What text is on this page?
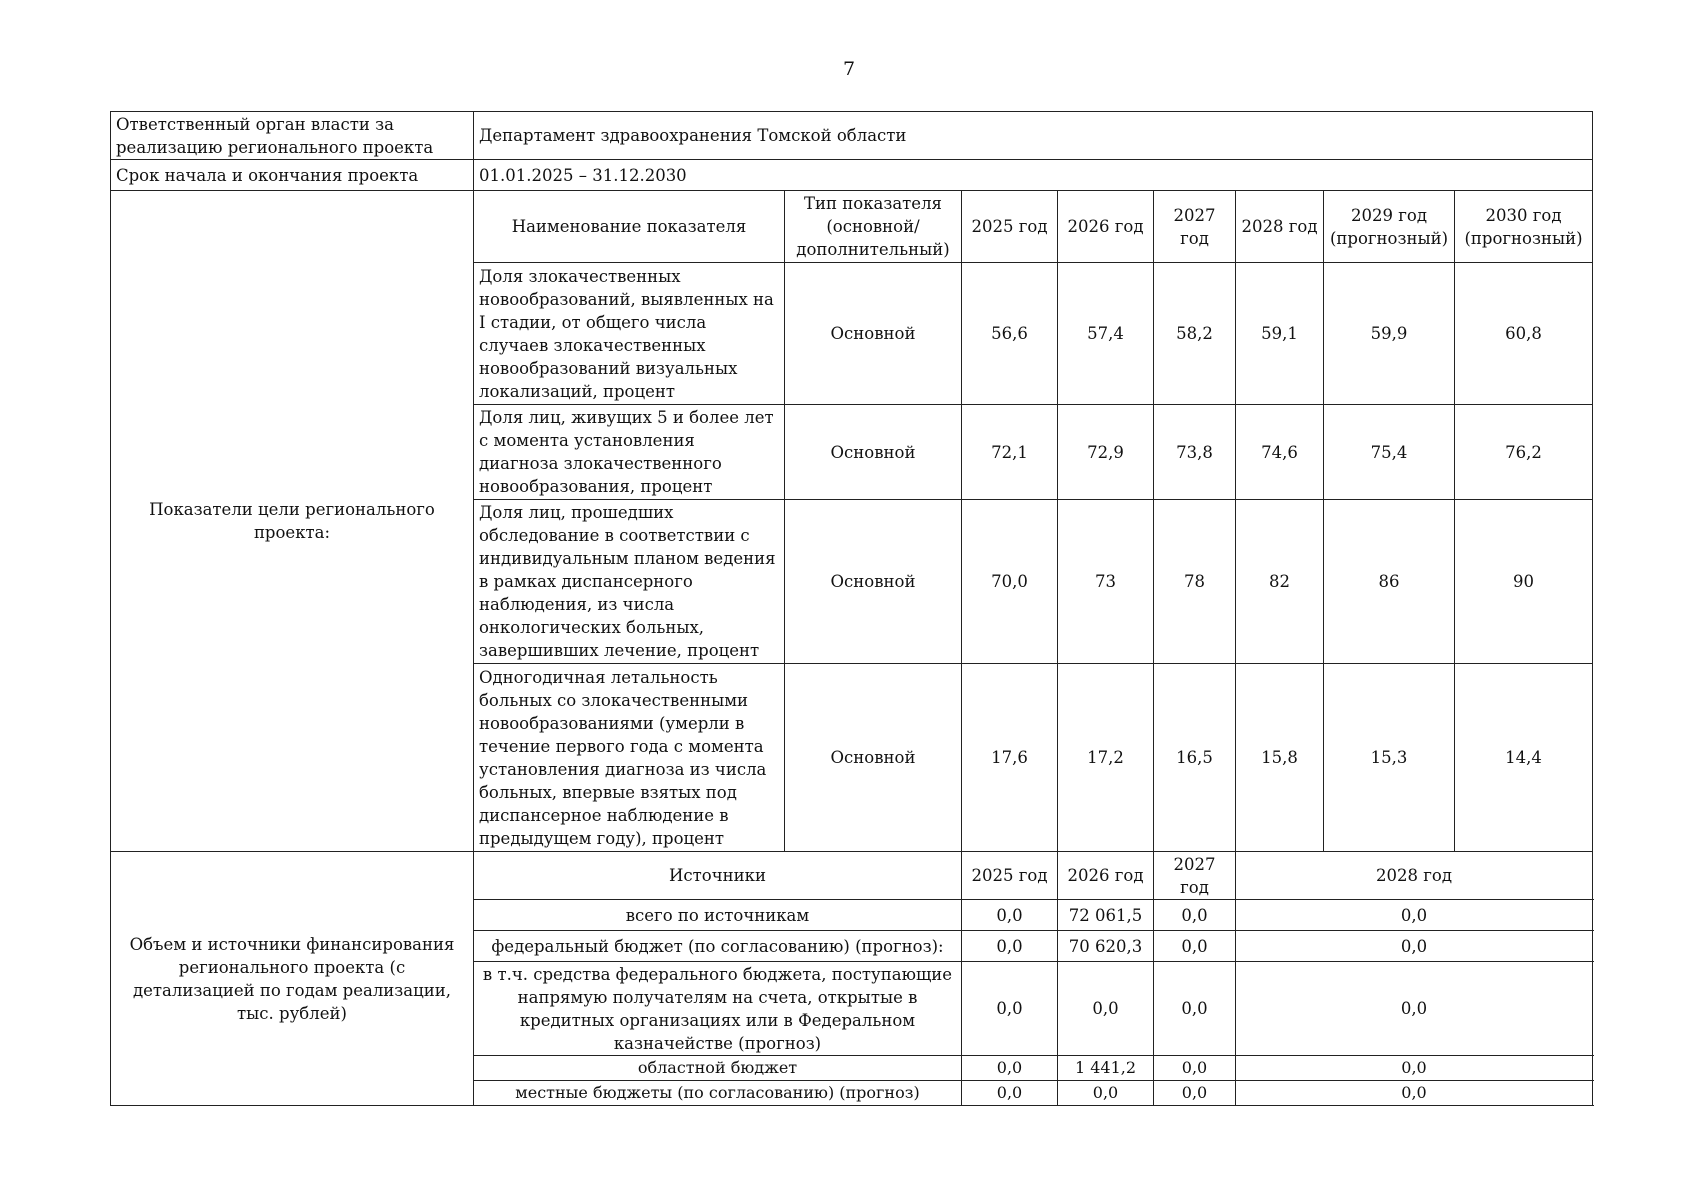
7
Ответственный орган власти за реализацию регионального проекта	Департамент здравоохранения Томской области							
Срок начала и окончания проекта	01.01.2025 – 31.12.2030							
Показатели цели регионального проекта:	Наименование показателя	Тип показателя (основной/ дополнительный)	2025 год	2026 год	2027 год	2028 год	2029 год (прогнозный)	2030 год (прогнозный)
	Доля злокачественных новообразований, выявленных на I стадии, от общего числа случаев злокачественных новообразований визуальных локализаций, процент	Основной	56,6	57,4	58,2	59,1	59,9	60,8
	Доля лиц, живущих 5 и более лет с момента установления диагноза злокачественного новообразования, процент	Основной	72,1	72,9	73,8	74,6	75,4	76,2
	Доля лиц, прошедших обследование в соответствии с индивидуальным планом ведения в рамках диспансерного наблюдения, из числа онкологических больных, завершивших лечение, процент	Основной	70,0	73	78	82	86	90
	Одногодичная летальность больных со злокачественными новообразованиями (умерли в течение первого года с момента установления диагноза из числа больных, впервые взятых под диспансерное наблюдение в предыдущем году), процент	Основной	17,6	17,2	16,5	15,8	15,3	14,4
Объем и источники финансирования регионального проекта (с детализацией по годам реализации, тыс. рублей)	Источники		2025 год	2026 год	2027 год	2028 год		
	всего по источникам		0,0	72 061,5	0,0	0,0		
	федеральный бюджет (по согласованию) (прогноз):		0,0	70 620,3	0,0	0,0		
	в т.ч. средства федерального бюджета, поступающие напрямую получателям на счета, открытые в кредитных организациях или в Федеральном казначействе (прогноз)		0,0	0,0	0,0	0,0		
	областной бюджет		0,0	1 441,2	0,0	0,0		
	местные бюджеты (по согласованию) (прогноз)		0,0	0,0	0,0	0,0		
